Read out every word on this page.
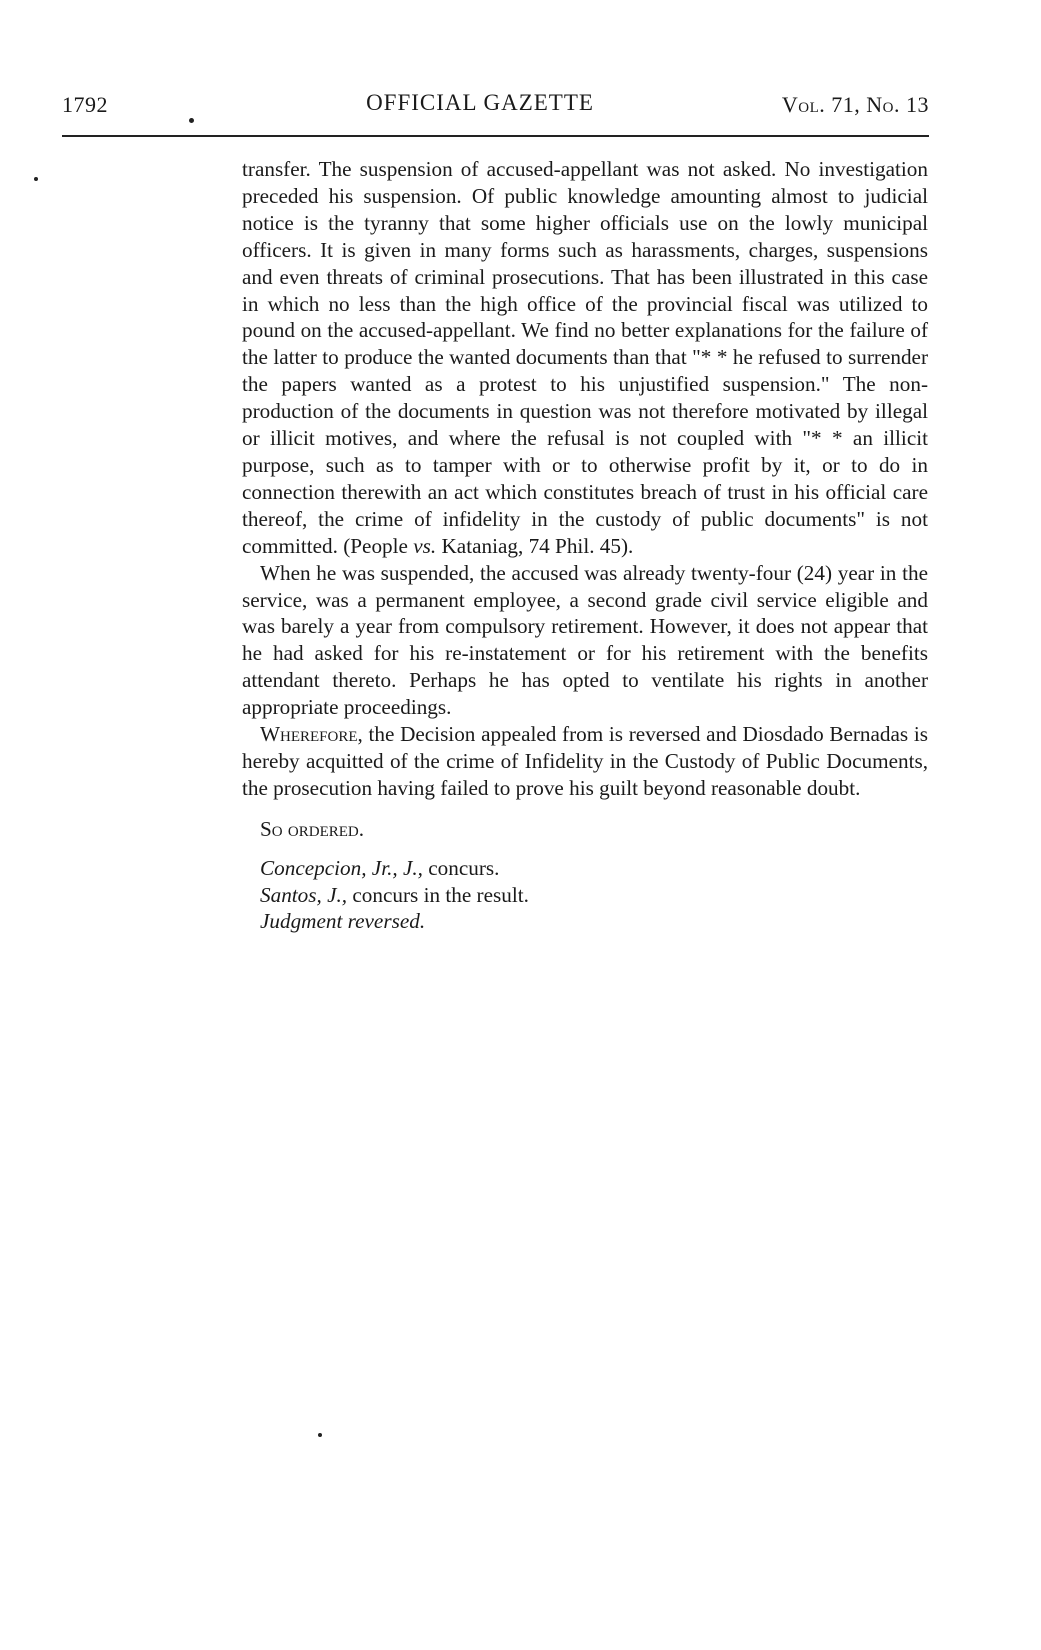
1792	OFFICIAL GAZETTE	Vol. 71, No. 13

transfer. The suspension of accused-appellant was not asked. No investigation preceded his suspension. Of public knowledge amounting almost to judicial notice is the tyranny that some higher officials use on the lowly municipal officers. It is given in many forms such as harassments, charges, suspensions and even threats of criminal prosecutions. That has been illustrated in this case in which no less than the high office of the provincial fiscal was utilized to pound on the accused-appellant. We find no better explanations for the failure of the latter to produce the wanted documents than that "* * he refused to surrender the papers wanted as a protest to his unjustified suspension." The non-production of the documents in question was not therefore motivated by illegal or illicit motives, and where the refusal is not coupled with "* * an illicit purpose, such as to tamper with or to otherwise profit by it, or to do in connection therewith an act which constitutes breach of trust in his official care thereof, the crime of infidelity in the custody of public documents" is not committed. (People vs. Kataniag, 74 Phil. 45).

When he was suspended, the accused was already twenty-four (24) year in the service, was a permanent employee, a second grade civil service eligible and was barely a year from compulsory retirement. However, it does not appear that he had asked for his re-instatement or for his retirement with the benefits attendant thereto. Perhaps he has opted to ventilate his rights in another appropriate proceedings.

Wherefore, the Decision appealed from is reversed and Diosdado Bernadas is hereby acquitted of the crime of Infidelity in the Custody of Public Documents, the prosecution having failed to prove his guilt beyond reasonable doubt.

So ordered.

Concepcion, Jr., J., concurs.

Santos, J., concurs in the result.

Judgment reversed.
